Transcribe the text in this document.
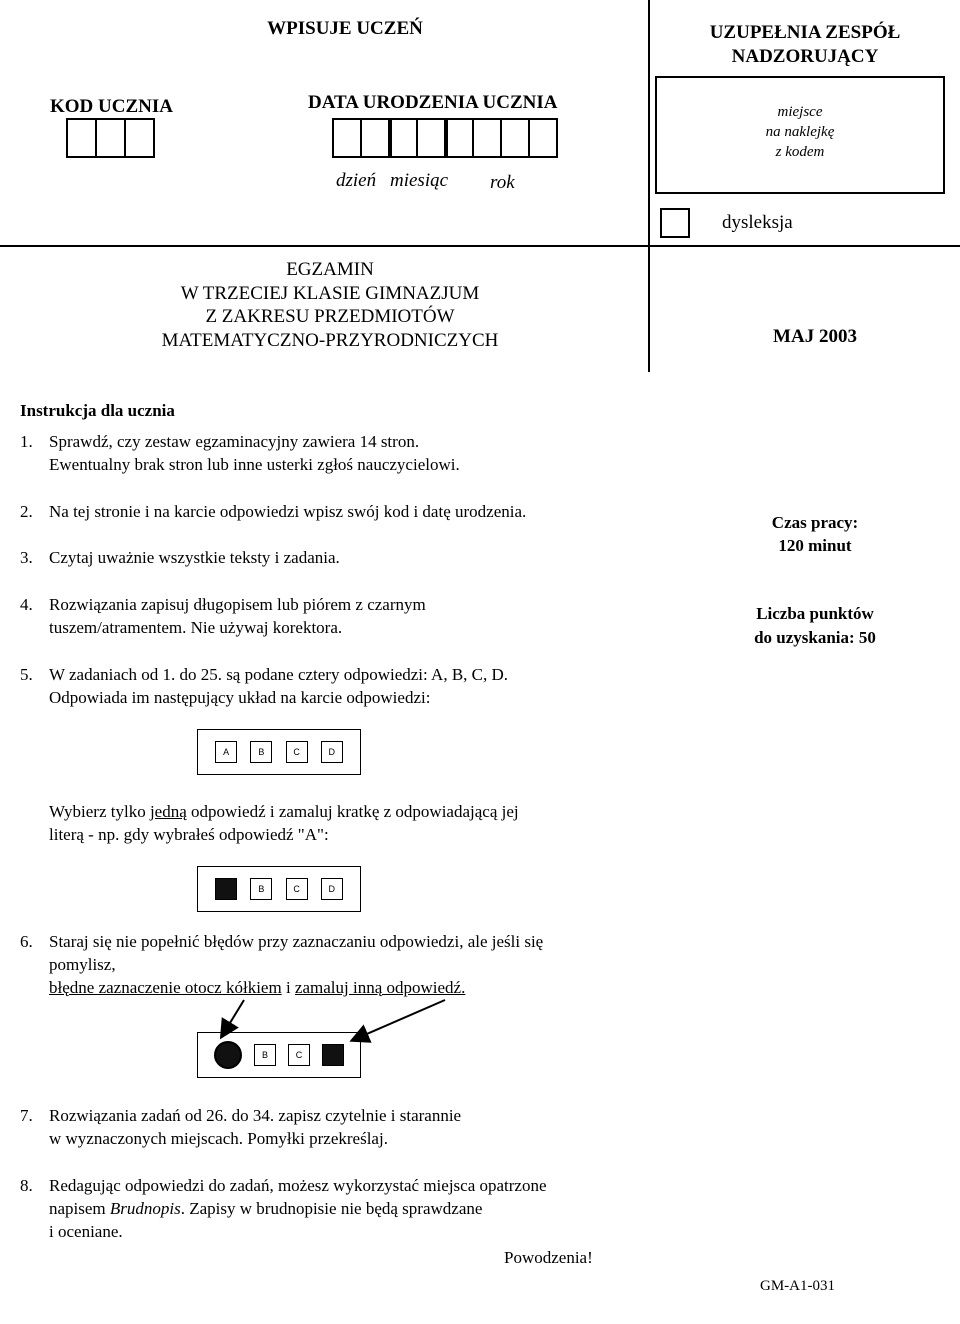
WPISUJE UCZEŃ
KOD UCZNIA	DATA URODZENIA UCZNIA
dzień miesiąc rok
UZUPEŁNIA ZESPÓŁ
NADZORUJĄCY
miejsce
na naklejkę
z kodem
dysleksja
EGZAMIN
W TRZECIEJ KLASIE GIMNAZJUM
Z ZAKRESU PRZEDMIOTÓW
MATEMATYCZNO-PRZYRODNICZYCH	MAJ 2003
Instrukcja dla ucznia
1. Sprawdź, czy zestaw egzaminacyjny zawiera 14 stron.
Ewentualny brak stron lub inne usterki zgłoś nauczycielowi.
2. Na tej stronie i na karcie odpowiedzi wpisz swój kod i datę urodzenia.
3. Czytaj uważnie wszystkie teksty i zadania.
4. Rozwiązania zapisuj długopisem lub piórem z czarnym
tuszem/atramentem. Nie używaj korektora.
5. W zadaniach od 1. do 25. są podane cztery odpowiedzi: A, B, C, D.
Odpowiada im następujący układ na karcie odpowiedzi:
A	B	C	D
Wybierz tylko jedną odpowiedź i zamaluj kratkę z odpowiadającą jej
literą - np. gdy wybrałeś odpowiedź "A":
B	C	D
6. Staraj się nie popełnić błędów przy zaznaczaniu odpowiedzi, ale jeśli się
pomylisz,
błędne zaznaczenie otocz kółkiem i zamaluj inną odpowiedź.
B	C
7. Rozwiązania zadań od 26. do 34. zapisz czytelnie i starannie
w wyznaczonych miejscach. Pomyłki przekreślaj.
8. Redagując odpowiedzi do zadań, możesz wykorzystać miejsca opatrzone
napisem Brudnopis. Zapisy w brudnopisie nie będą sprawdzane
i oceniane.
Powodzenia!
Czas pracy:
120 minut
Liczba punktów
do uzyskania: 50
GM-A1-031
